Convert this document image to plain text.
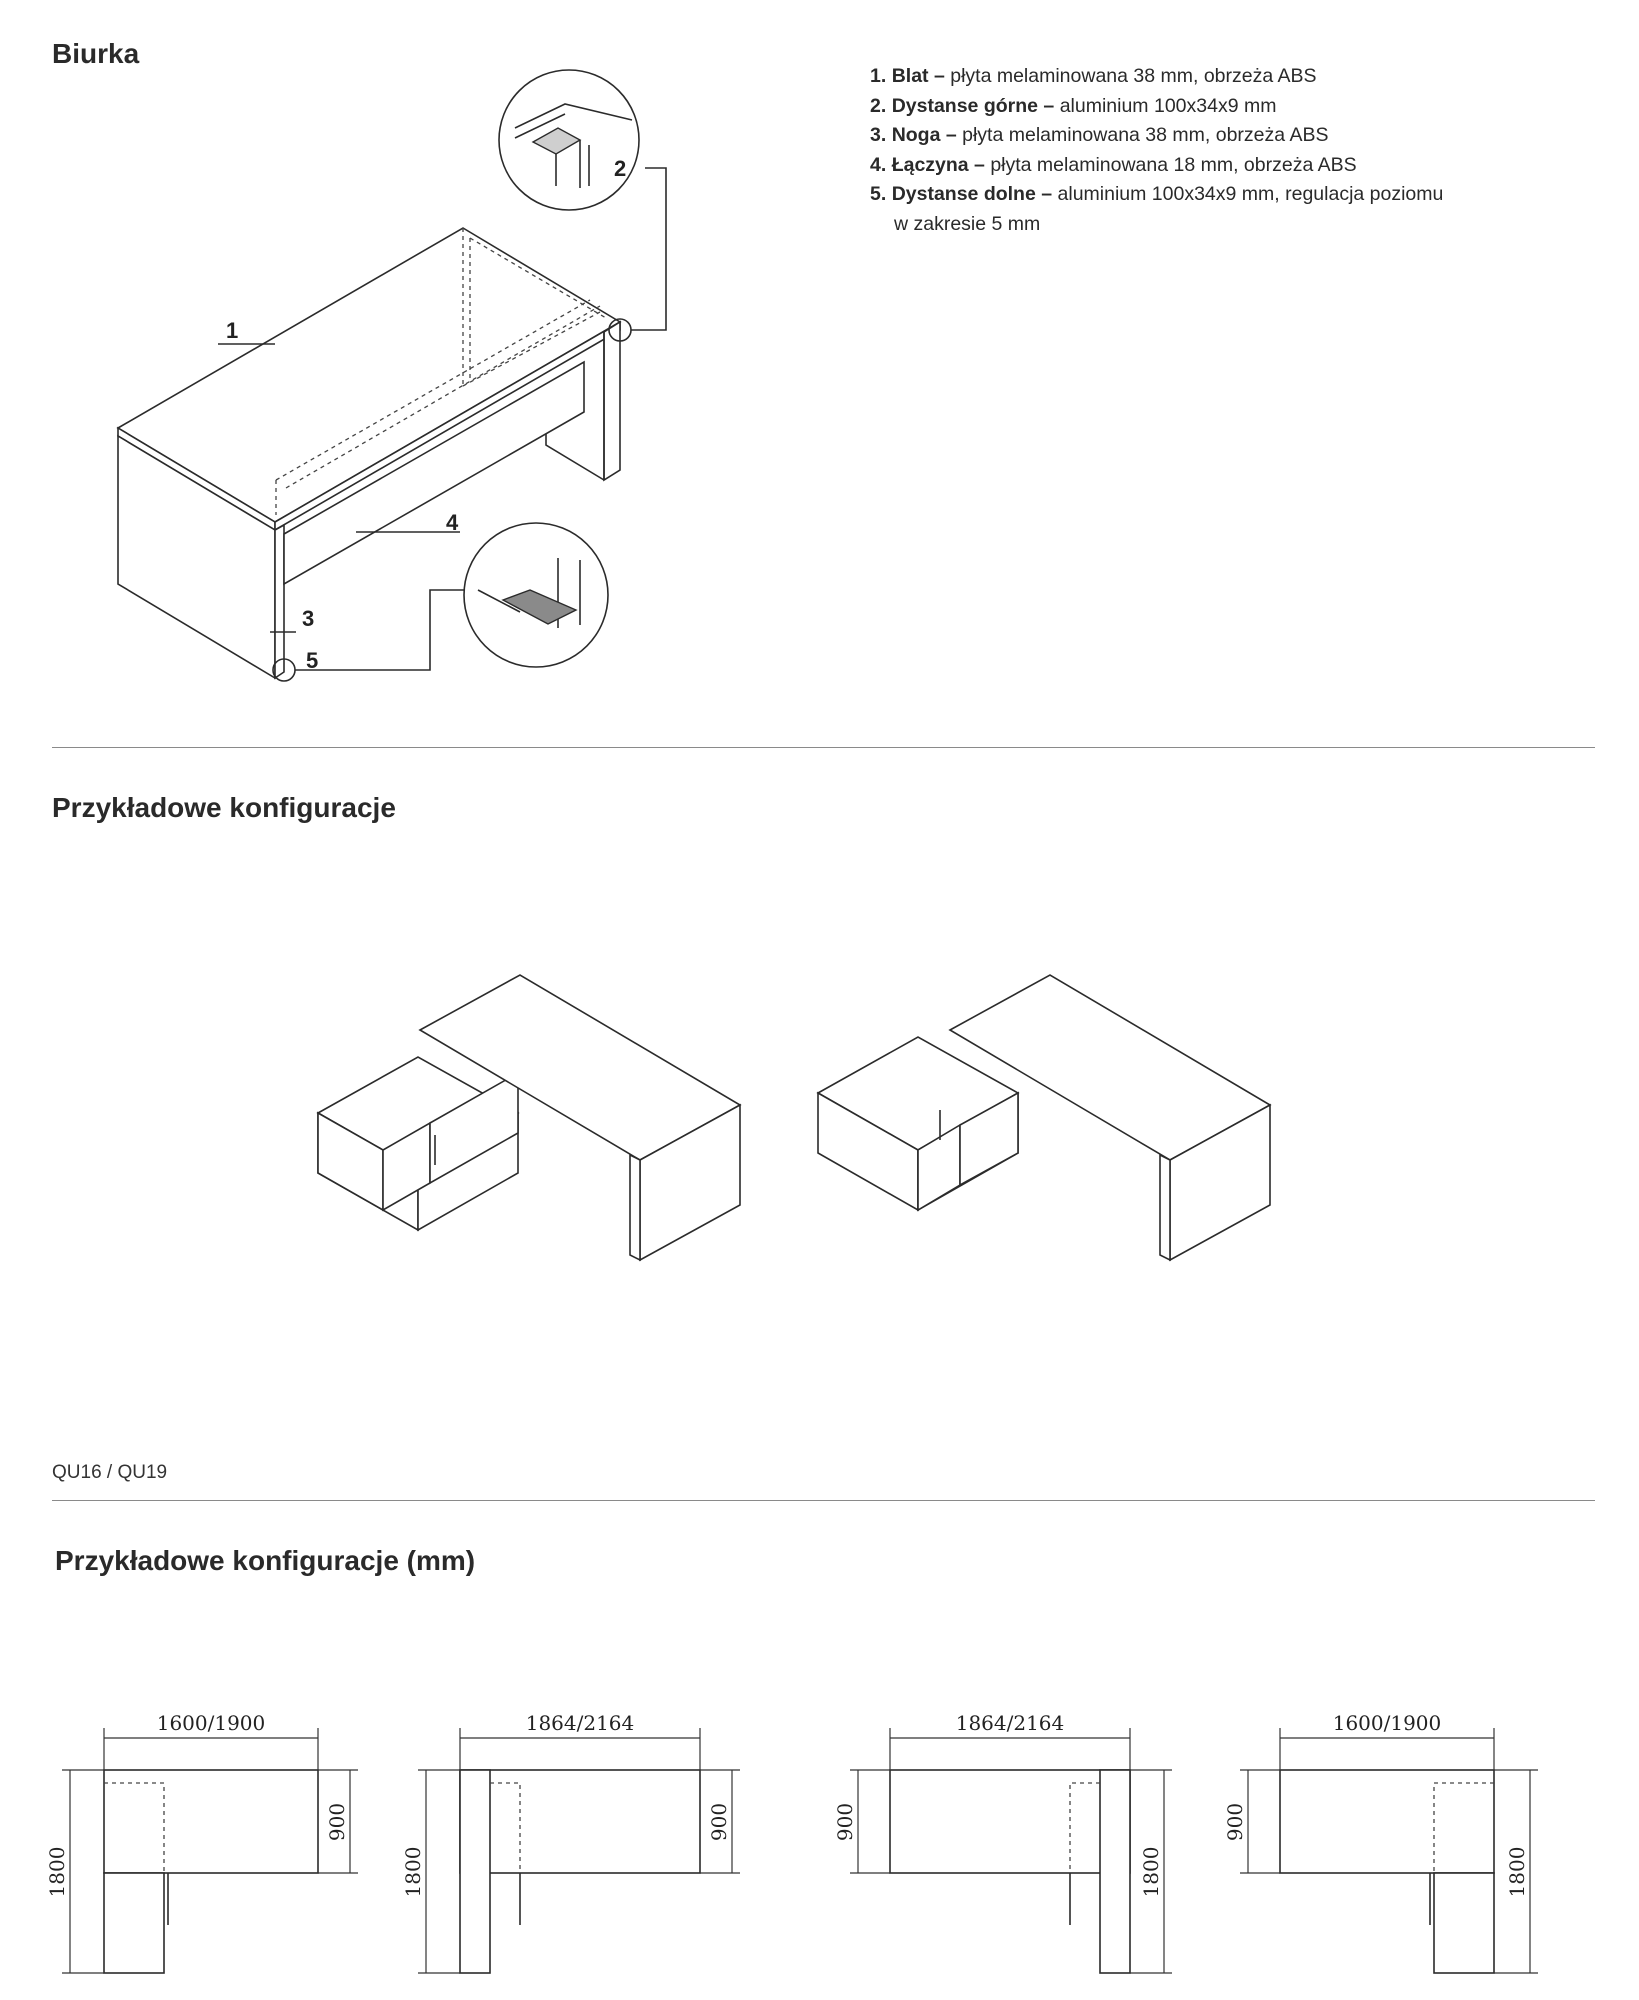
Biurka
Przykładowe konfiguracje
QU16 / QU19
Przykładowe konfiguracje (mm)
1. Blat – płyta melaminowana 38 mm, obrzeża ABS
2. Dystanse górne – aluminium 100x34x9 mm
3. Noga – płyta melaminowana 38 mm, obrzeża ABS
4. Łączyna – płyta melaminowana 18 mm, obrzeża ABS
5. Dystanse dolne – aluminium 100x34x9 mm, regulacja poziomu
w zakresie 5 mm
1
2
3
4
5
1600/1900
1800
900
1864/2164
1800
900
1864/2164
1800
900
1600/1900
1800
900
